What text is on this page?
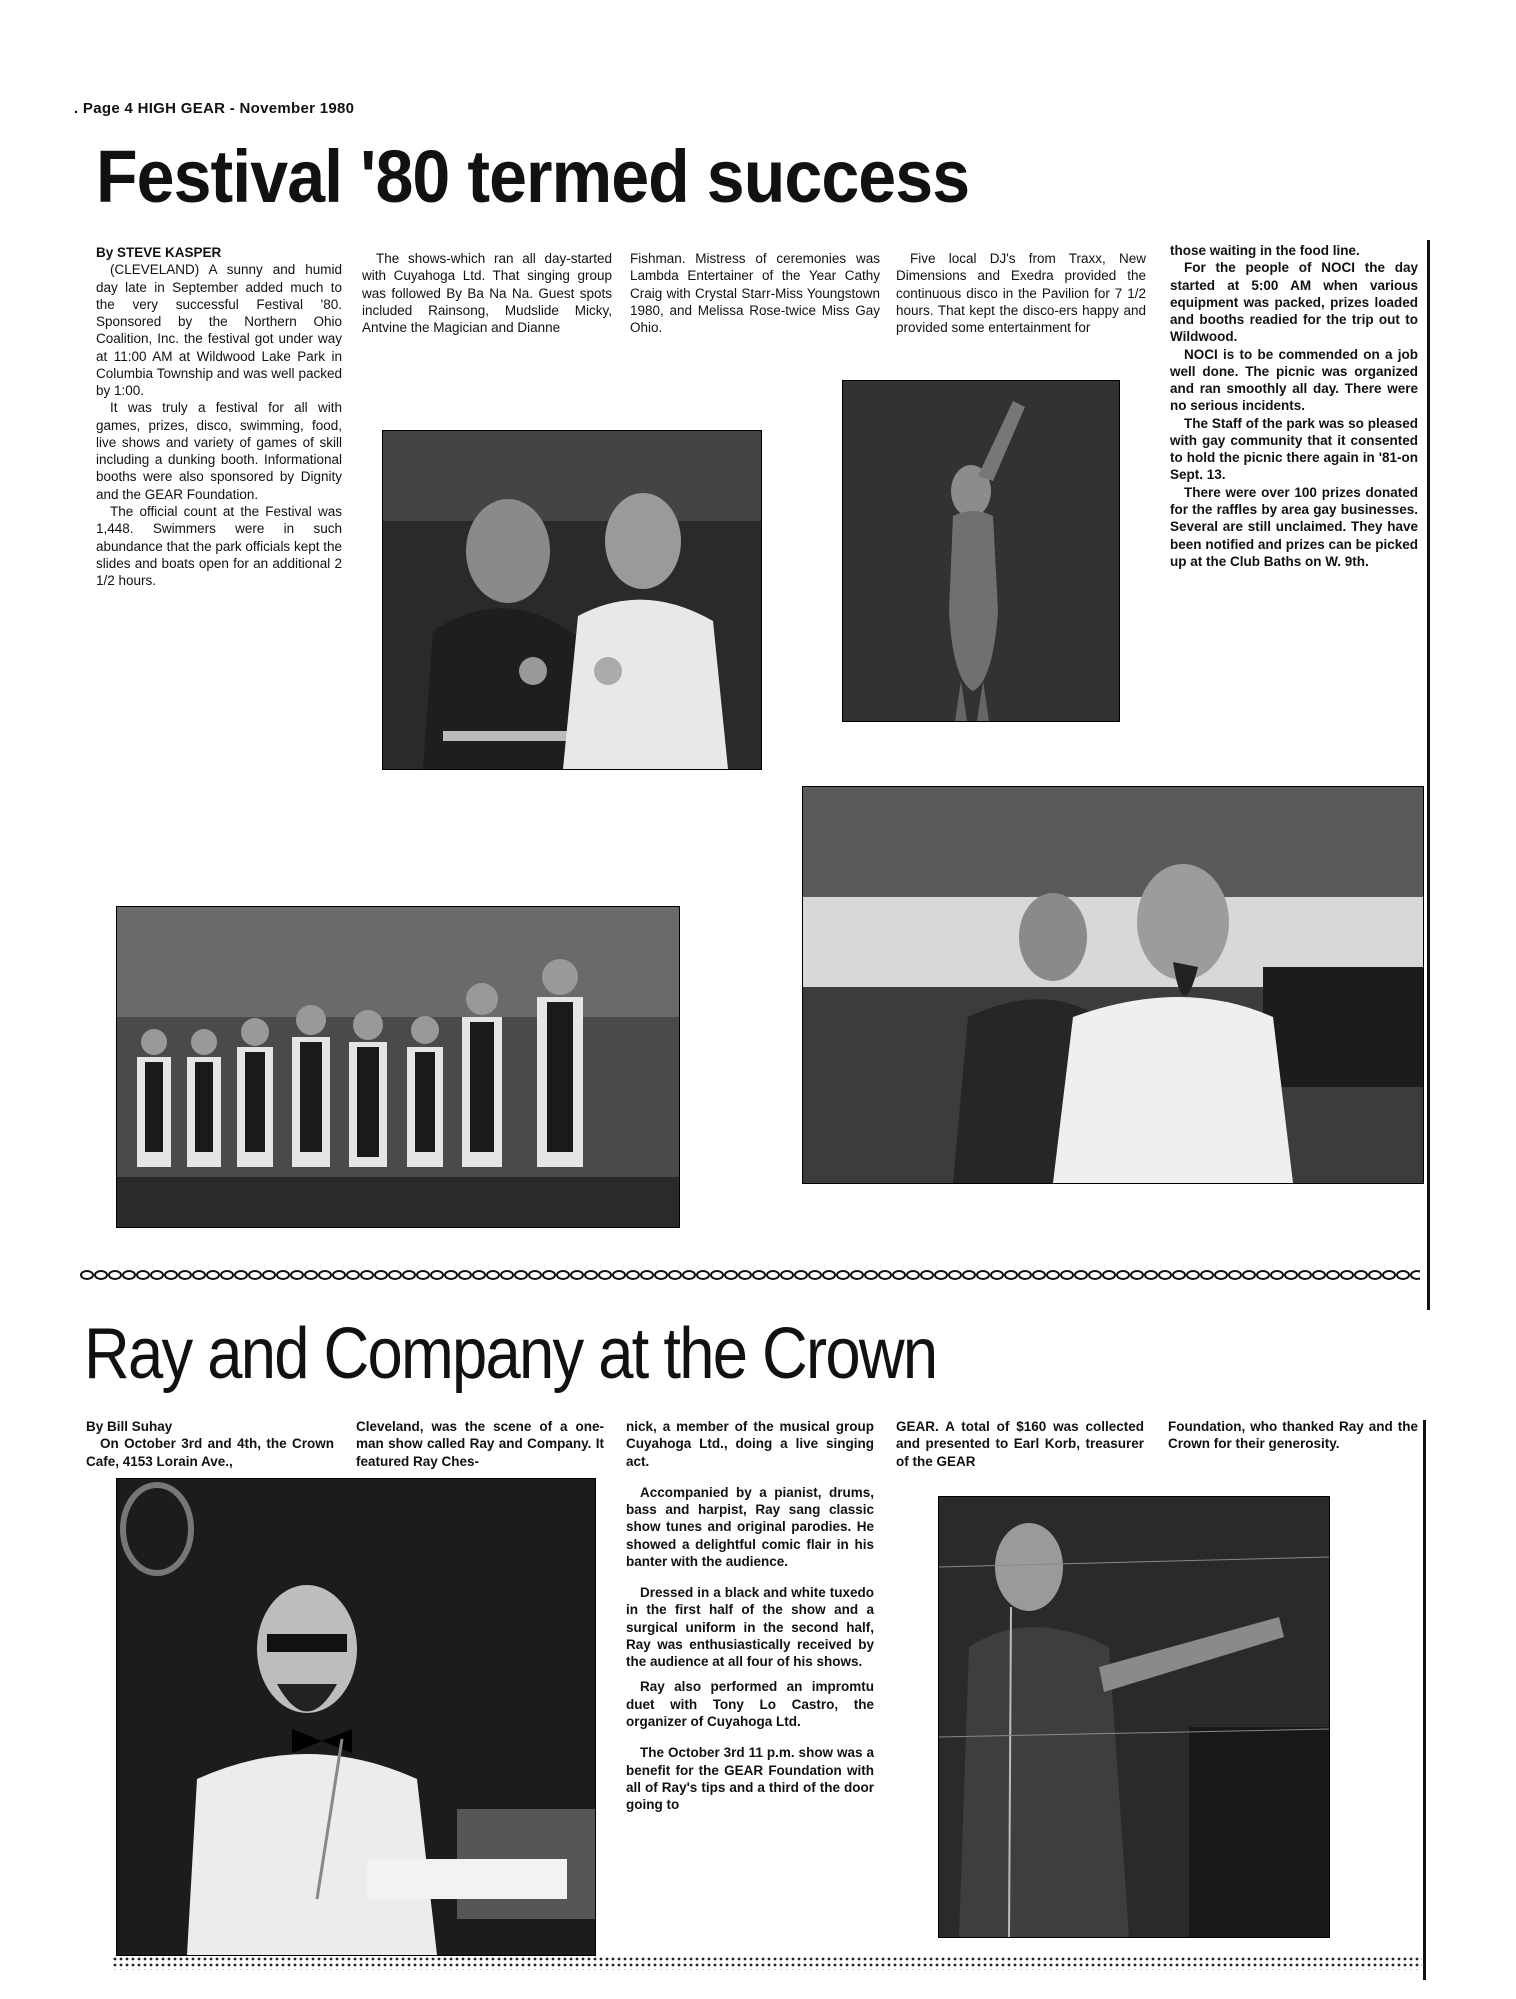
. Page 4 HIGH GEAR - November 1980
Festival '80 termed success
By STEVE KASPER

(CLEVELAND) A sunny and humid day late in September added much to the very successful Festival '80. Sponsored by the Northern Ohio Coalition, Inc. the festival got under way at 11:00 AM at Wildwood Lake Park in Columbia Township and was well packed by 1:00.

It was truly a festival for all with games, prizes, disco, swimming, food, live shows and variety of games of skill including a dunking booth. Informational booths were also sponsored by Dignity and the GEAR Foundation.

The official count at the Festival was 1,448. Swimmers were in such abundance that the park officials kept the slides and boats open for an additional 2 1/2 hours.

The shows-which ran all day-started with Cuyahoga Ltd. That singing group was followed By Ba Na Na. Guest spots included Rainsong, Mudslide Micky, Antvine the Magician and Dianne

Fishman. Mistress of ceremonies was Lambda Entertainer of the Year Cathy Craig with Crystal Starr-Miss Youngstown 1980, and Melissa Rose-twice Miss Gay Ohio.

Five local DJ's from Traxx, New Dimensions and Exedra provided the continuous disco in the Pavilion for 7 1/2 hours. That kept the disco-ers happy and provided some entertainment for

those waiting in the food line.

For the people of NOCI the day started at 5:00 AM when various equipment was packed, prizes loaded and booths readied for the trip out to Wildwood.

NOCI is to be commended on a job well done. The picnic was organized and ran smoothly all day. There were no serious incidents.

The Staff of the park was so pleased with gay community that it consented to hold the picnic there again in '81-on Sept. 13.

There were over 100 prizes donated for the raffles by area gay businesses. Several are still unclaimed. They have been notified and prizes can be picked up at the Club Baths on W. 9th.

Ray and Company at the Crown
By Bill Suhay

On October 3rd and 4th, the Crown Cafe, 4153 Lorain Ave.,

Cleveland, was the scene of a one-man show called Ray and Company. It featured Ray Ches-

nick, a member of the musical group Cuyahoga Ltd., doing a live singing act.

Accompanied by a pianist, drums, bass and harpist, Ray sang classic show tunes and original parodies. He showed a delightful comic flair in his banter with the audience.

Dressed in a black and white tuxedo in the first half of the show and a surgical uniform in the second half, Ray was enthusiastically received by the audience at all four of his shows.

Ray also performed an impromtu duet with Tony Lo Castro, the organizer of Cuyahoga Ltd.

The October 3rd 11 p.m. show was a benefit for the GEAR Foundation with all of Ray's tips and a third of the door going to

GEAR. A total of $160 was collected and presented to Earl Korb, treasurer of the GEAR

Foundation, who thanked Ray and the Crown for their generosity.
